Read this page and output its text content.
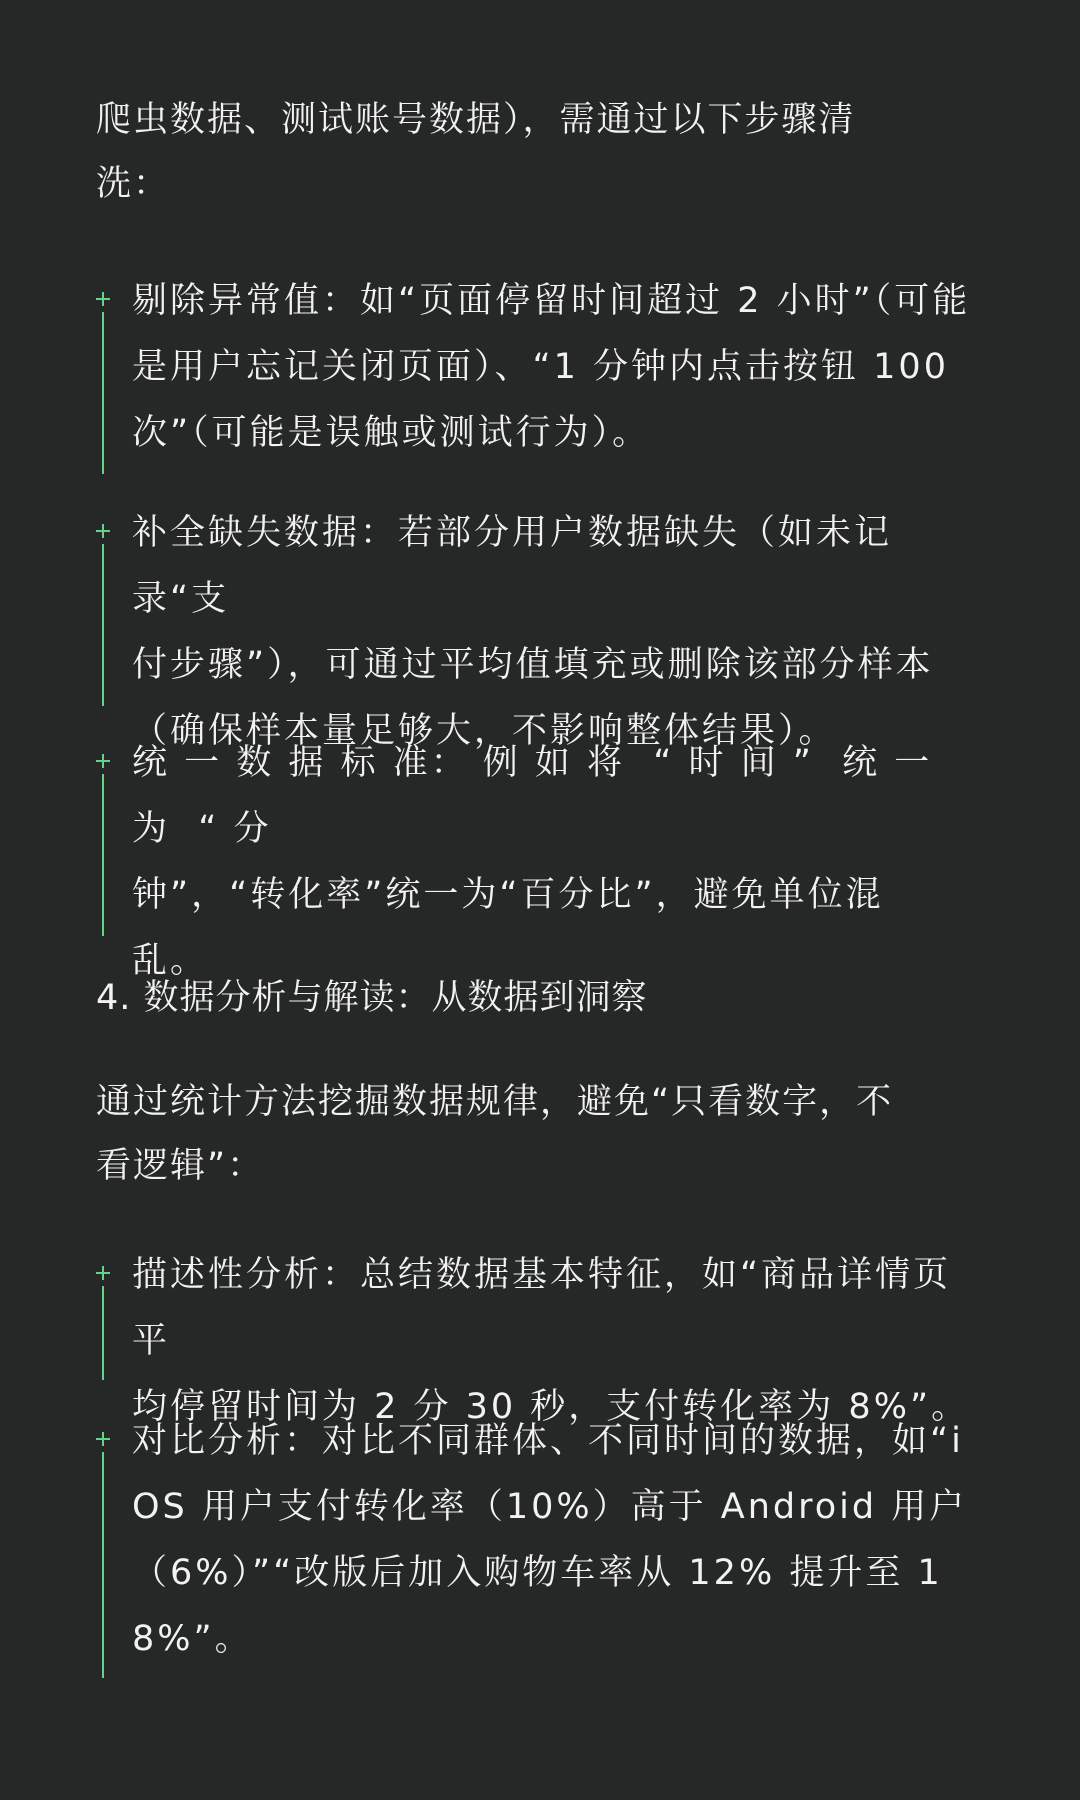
爬虫数据、测试账号数据），需通过以下步骤清
洗：

剔除异常值：如“页面停留时间超过 2 小时”（可能
是用户忘记关闭页面）、“1 分钟内点击按钮 100
次”（可能是误触或测试行为）。

补全缺失数据：若部分用户数据缺失（如未记录“支
付步骤”），可通过平均值填充或删除该部分样本
（确保样本量足够大，不影响整体结果）。

统 一 数 据 标 准： 例 如 将  “ 时 间 ”  统 一 为  “ 分
钟”，“转化率”统一为“百分比”，避免单位混
乱。

4. 数据分析与解读：从数据到洞察

通过统计方法挖掘数据规律，避免“只看数字，不
看逻辑”：

描述性分析：总结数据基本特征，如“商品详情页平
均停留时间为 2 分 30 秒，支付转化率为 8%”。

对比分析：对比不同群体、不同时间的数据，如“i
OS 用户支付转化率（10%）高于 Android 用户
（6%）”“改版后加入购物车率从 12% 提升至 1
8%”。
